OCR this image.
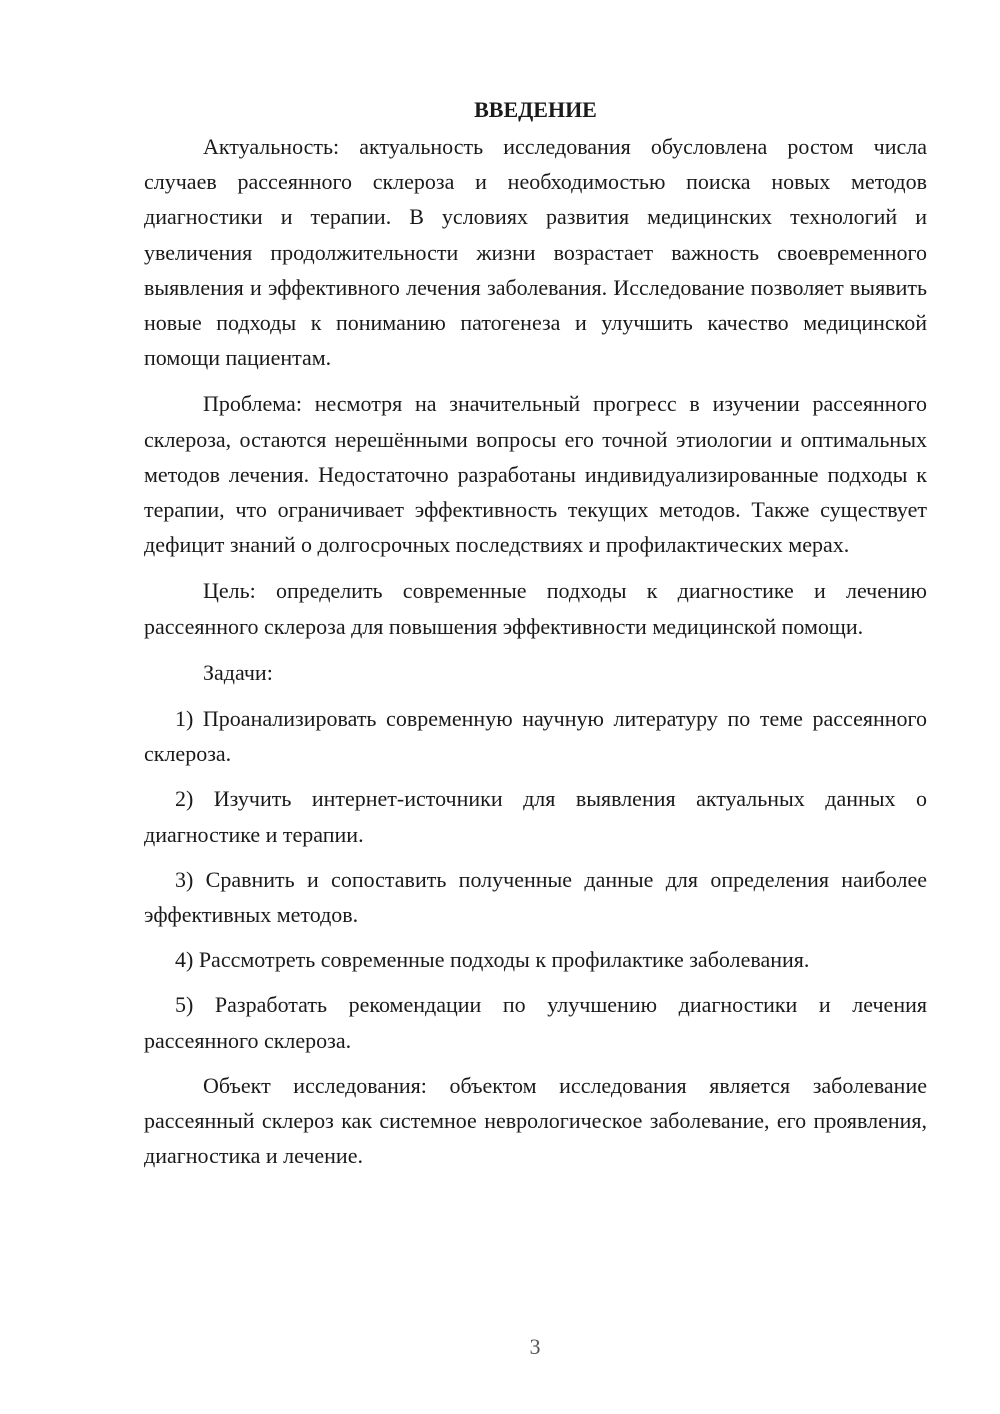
ВВЕДЕНИЕ

Актуальность: актуальность исследования обусловлена ростом числа случаев рассеянного склероза и необходимостью поиска новых методов диагностики и терапии. В условиях развития медицинских технологий и увеличения продолжительности жизни возрастает важность своевременного выявления и эффективного лечения заболевания. Исследование позволяет выявить новые подходы к пониманию патогенеза и улучшить качество медицинской помощи пациентам.

Проблема: несмотря на значительный прогресс в изучении рассеянного склероза, остаются нерешёнными вопросы его точной этиологии и оптимальных методов лечения. Недостаточно разработаны индивидуализированные подходы к терапии, что ограничивает эффективность текущих методов. Также существует дефицит знаний о долгосрочных последствиях и профилактических мерах.

Цель: определить современные подходы к диагностике и лечению рассеянного склероза для повышения эффективности медицинской помощи.

Задачи:

1) Проанализировать современную научную литературу по теме рассеянного склероза.

2) Изучить интернет-источники для выявления актуальных данных о диагностике и терапии.

3) Сравнить и сопоставить полученные данные для определения наиболее эффективных методов.

4) Рассмотреть современные подходы к профилактике заболевания.

5) Разработать рекомендации по улучшению диагностики и лечения рассеянного склероза.

Объект исследования: объектом исследования является заболевание рассеянный склероз как системное неврологическое заболевание, его проявления, диагностика и лечение.

3
